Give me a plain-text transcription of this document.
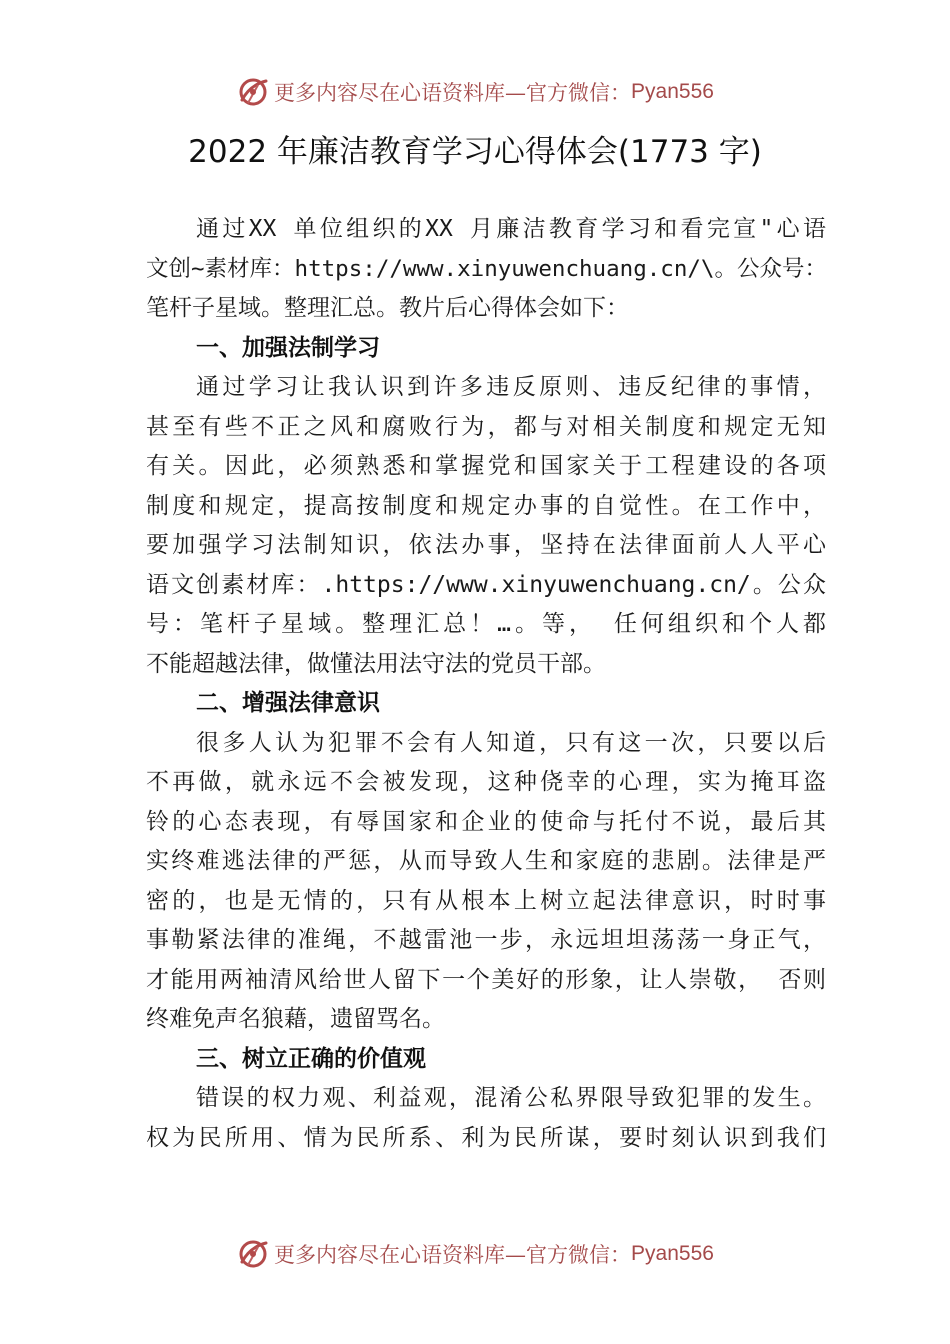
更多内容尽在心语资料库—官方微信： Pyan556
2022 年廉洁教育学习心得体会(1773 字)
通过XX 单位组织的XX 月廉洁教育学习和看完宣"心语
文创~素材库：https://www.xinyuwenchuang.cn/\。公众号：
笔杆子星域。整理汇总。教片后心得体会如下：
一、加强法制学习
通过学习让我认识到许多违反原则、违反纪律的事情，
甚至有些不正之风和腐败行为，都与对相关制度和规定无知
有关。因此，必须熟悉和掌握党和国家关于工程建设的各项
制度和规定，提高按制度和规定办事的自觉性。在工作中，
要加强学习法制知识，依法办事，坚持在法律面前人人平心
语文创素材库：.https://www.xinyuwenchuang.cn/。公众
号：笔杆子星域。整理汇总！…。等， 任何组织和个人都
不能超越法律，做懂法用法守法的党员干部。
二、增强法律意识
很多人认为犯罪不会有人知道，只有这一次，只要以后
不再做，就永远不会被发现，这种侥幸的心理，实为掩耳盗
铃的心态表现，有辱国家和企业的使命与托付不说，最后其
实终难逃法律的严惩，从而导致人生和家庭的悲剧。法律是严
密的，也是无情的，只有从根本上树立起法律意识，时时事
事勒紧法律的准绳，不越雷池一步，永远坦坦荡荡一身正气，
才能用两袖清风给世人留下一个美好的形象，让人崇敬， 否则
终难免声名狼藉，遗留骂名。
三、树立正确的价值观
错误的权力观、利益观，混淆公私界限导致犯罪的发生。
权为民所用、情为民所系、利为民所谋，要时刻认识到我们
更多内容尽在心语资料库—官方微信： Pyan556
